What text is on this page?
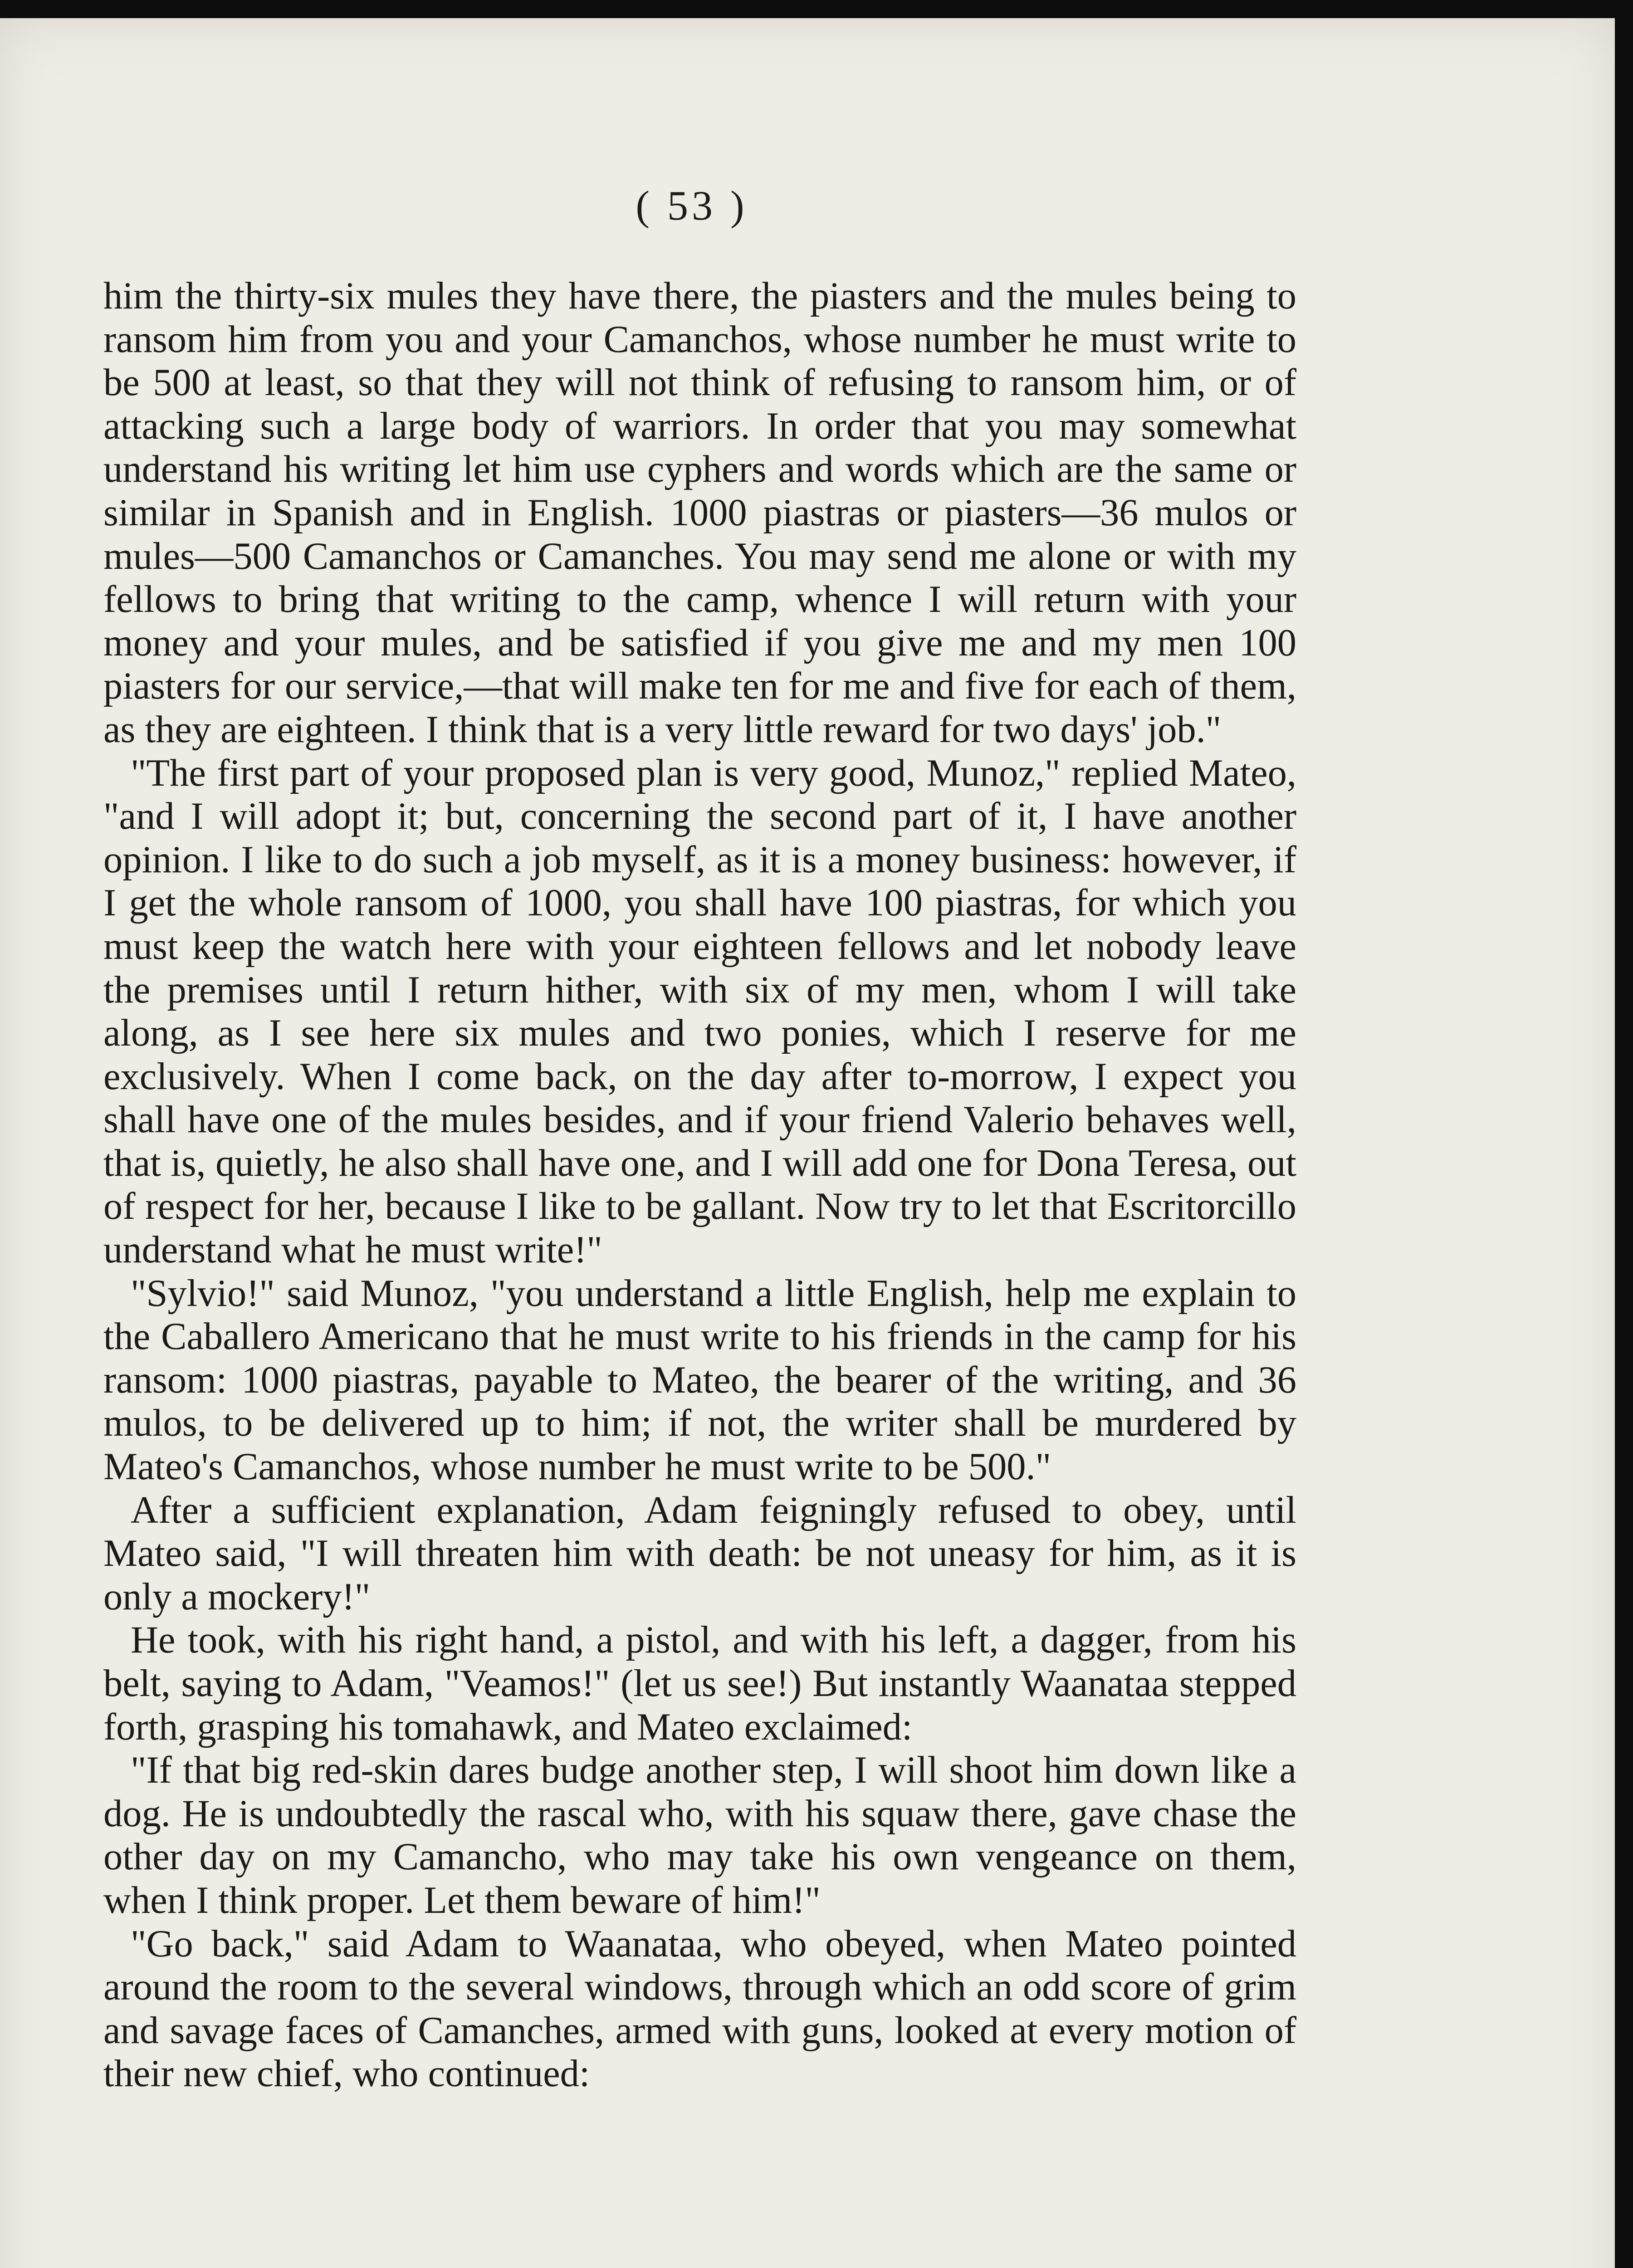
( 53 )

him the thirty-six mules they have there, the piasters and the mules being to ransom him from you and your Camanchos, whose number he must write to be 500 at least, so that they will not think of refusing to ransom him, or of attacking such a large body of warriors. In order that you may somewhat understand his writing let him use cyphers and words which are the same or similar in Spanish and in English. 1000 piastras or piasters—36 mulos or mules—500 Camanchos or Camanches. You may send me alone or with my fellows to bring that writing to the camp, whence I will return with your money and your mules, and be satisfied if you give me and my men 100 piasters for our service,—that will make ten for me and five for each of them, as they are eighteen. I think that is a very little reward for two days' job."

"The first part of your proposed plan is very good, Munoz," replied Mateo, "and I will adopt it; but, concerning the second part of it, I have another opinion. I like to do such a job myself, as it is a money business: however, if I get the whole ransom of 1000, you shall have 100 piastras, for which you must keep the watch here with your eighteen fellows and let nobody leave the premises until I return hither, with six of my men, whom I will take along, as I see here six mules and two ponies, which I reserve for me exclusively. When I come back, on the day after to-morrow, I expect you shall have one of the mules besides, and if your friend Valerio behaves well, that is, quietly, he also shall have one, and I will add one for Dona Teresa, out of respect for her, because I like to be gallant. Now try to let that Escritorcillo understand what he must write!"

"Sylvio!" said Munoz, "you understand a little English, help me explain to the Caballero Americano that he must write to his friends in the camp for his ransom: 1000 piastras, payable to Mateo, the bearer of the writing, and 36 mulos, to be delivered up to him; if not, the writer shall be murdered by Mateo's Camanchos, whose number he must write to be 500."

After a sufficient explanation, Adam feigningly refused to obey, until Mateo said, "I will threaten him with death: be not uneasy for him, as it is only a mockery!"

He took, with his right hand, a pistol, and with his left, a dagger, from his belt, saying to Adam, "Veamos!" (let us see!) But instantly Waanataa stepped forth, grasping his tomahawk, and Mateo exclaimed:

"If that big red-skin dares budge another step, I will shoot him down like a dog. He is undoubtedly the rascal who, with his squaw there, gave chase the other day on my Camancho, who may take his own vengeance on them, when I think proper. Let them beware of him!"

"Go back," said Adam to Waanataa, who obeyed, when Mateo pointed around the room to the several windows, through which an odd score of grim and savage faces of Camanches, armed with guns, looked at every motion of their new chief, who continued:
